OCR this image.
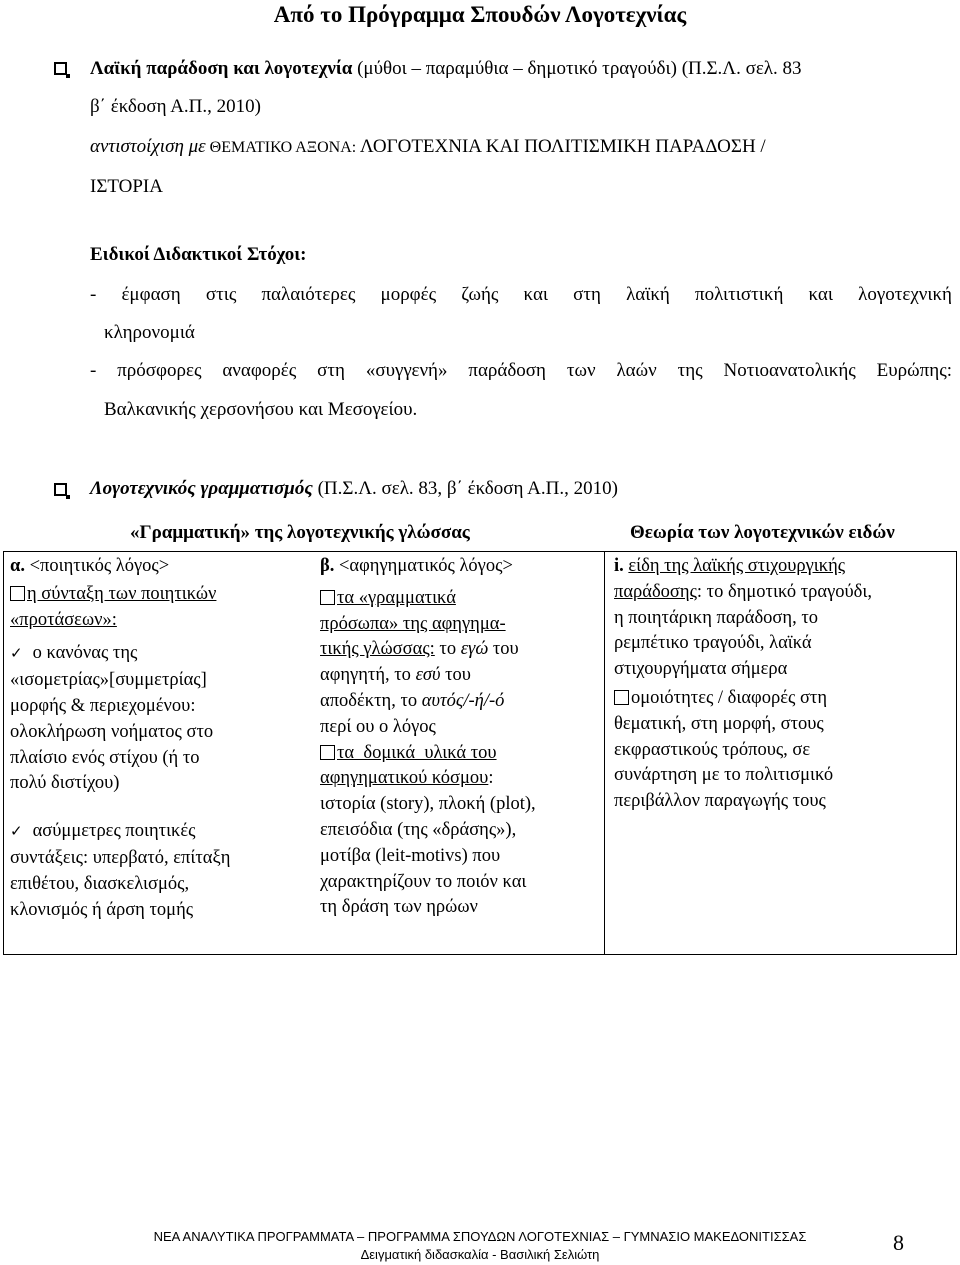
Από το Πρόγραμμα Σπουδών Λογοτεχνίας
Λαϊκή παράδοση και λογοτεχνία (μύθοι – παραμύθια – δημοτικό τραγούδι) (Π.Σ.Λ. σελ. 83
β΄ έκδοση Α.Π., 2010)
αντιστοίχιση με ΘΕΜΑΤΙΚΟ ΑΞΟΝΑ: ΛΟΓΟΤΕΧΝΙΑ ΚΑΙ ΠΟΛΙΤΙΣΜΙΚΗ ΠΑΡΑΔΟΣΗ /
ΙΣΤΟΡΙΑ
Ειδικοί Διδακτικοί Στόχοι:
- έμφαση στις παλαιότερες μορφές ζωής και στη λαϊκή πολιτιστική και λογοτεχνική
κληρονομιά
- πρόσφορες αναφορές στη «συγγενή» παράδοση των λαών της Νοτιοανατολικής Ευρώπης:
Βαλκανικής χερσονήσου και Μεσογείου.
Λογοτεχνικός γραμματισμός (Π.Σ.Λ. σελ. 83, β΄ έκδοση Α.Π., 2010)
«Γραμματική» της λογοτεχνικής γλώσσας	Θεωρία των λογοτεχνικών ειδών
α. <ποιητικός λόγος>
η σύνταξη των ποιητικών
«προτάσεων»:
✓ ο κανόνας της
«ισομετρίας»[συμμετρίας]
μορφής & περιεχομένου:
ολοκλήρωση νοήματος στο
πλαίσιο ενός στίχου (ή το
πολύ διστίχου)
✓ ασύμμετρες ποιητικές
συντάξεις: υπερβατό, επίταξη
επιθέτου, διασκελισμός,
κλονισμός ή άρση τομής
β. <αφηγηματικός λόγος>
τα «γραμματικά
πρόσωπα» της αφηγημα-
τικής γλώσσας: το εγώ του
αφηγητή, το εσύ του
αποδέκτη, το αυτός/-ή/-ό
περί ου ο λόγος
τα  δομικά  υλικά του
αφηγηματικού κόσμου:
ιστορία (story), πλοκή (plot),
επεισόδια (της «δράσης»),
μοτίβα (leit-motivs) που
χαρακτηρίζουν το ποιόν και
τη δράση των ηρώων
i. είδη της λαϊκής στιχουργικής
παράδοσης: το δημοτικό τραγούδι,
η ποιητάρικη παράδοση, το
ρεμπέτικο τραγούδι, λαϊκά
στιχουργήματα σήμερα
ομοιότητες / διαφορές στη
θεματική, στη μορφή, στους
εκφραστικούς τρόπους, σε
συνάρτηση με το πολιτισμικό
περιβάλλον παραγωγής τους
ΝΕΑ ΑΝΑΛΥΤΙΚΑ ΠΡΟΓΡΑΜΜΑΤΑ – ΠΡΟΓΡΑΜΜΑ ΣΠΟΥΔΩΝ ΛΟΓΟΤΕΧΝΙΑΣ – ΓΥΜΝΑΣΙΟ ΜΑΚΕΔΟΝΙΤΙΣΣΑΣ
Δειγματική διδασκαλία - Βασιλική Σελιώτη	8
